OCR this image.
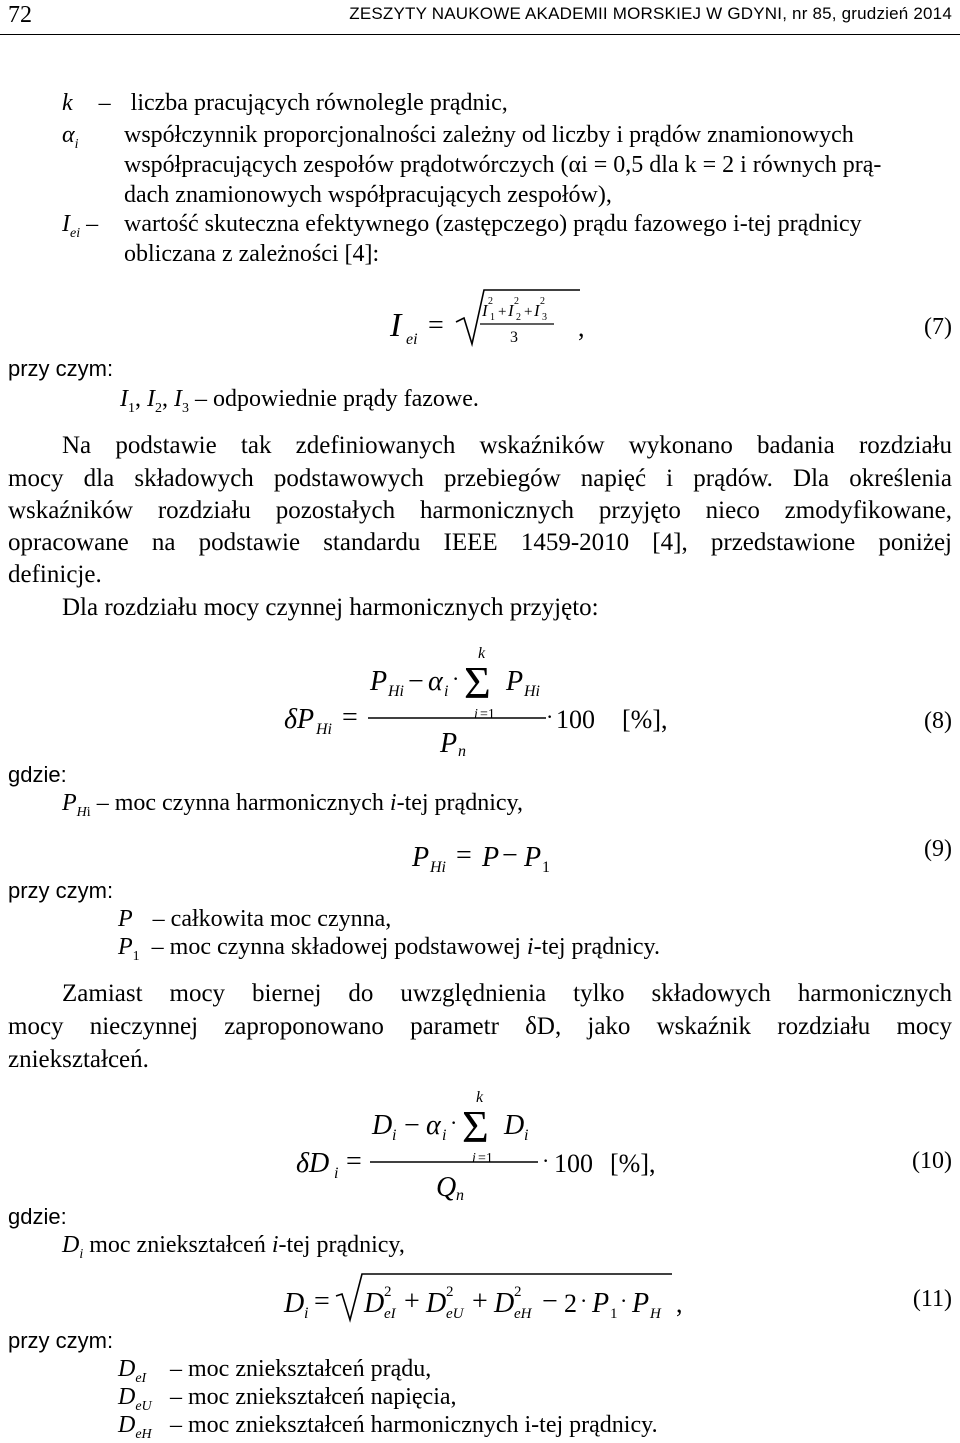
72	ZESZYTY NAUKOWE AKADEMII MORSKIEJ W GDYNI, nr 85, grudzień 2014
k – liczba pracujących równolegle prądnic,
$\alpha_i$ współczynnik proporcjonalności zależny od liczby i prądów znamionowych
współpracujących zespołów prądotwórczych (αi = 0,5 dla k = 2 i równych prą-
dach znamionowych współpracujących zespołów),
$I_{ei}$ – wartość skuteczna efektywnego (zastępczego) prądu fazowego i-tej prądnicy
obliczana z zależności [4]:
I ei = I 1
2
+ I 2
2
+ I 3
2
3 ,	(7)
przy czym:
$I_1$, $I_2$, $I_3$ – odpowiednie prądy fazowe.
Na podstawie tak zdefiniowanych wskaźników wykonano badania rozdziału
mocy dla składowych podstawowych przebiegów napięć i prądów. Dla określenia
wskaźników rozdziału pozostałych harmonicznych przyjęto nieco zmodyfikowane,
opracowane na podstawie standardu IEEE 1459-2010 [4], przedstawione poniżej
definicje.
Dla rozdziału mocy czynnej harmonicznych przyjęto:
δP Hi =
P Hi − α i
·
k
Σ
i =1
P Hi
P n
· 100 [%],	(8)
gdzie:
$P_{Hi}$ – moc czynna harmonicznych i-tej prądnicy,
P Hi = P − P 1
(9)
przy czym:
P – całkowita moc czynna,
$P_1$ – moc czynna składowej podstawowej i-tej prądnicy.
Zamiast mocy biernej do uwzględnienia tylko składowych harmonicznych
mocy nieczynnej zaproponowano parametr δD, jako wskaźnik rozdziału mocy
zniekształceń.
δD i =
D i − α i
·
k
Σ
i =1
D i
Q n
· 100 [%],	(10)
gdzie:
$D_i$ moc zniekształceń i-tej prądnicy,
D i = D 2
eI + D 2
eU + D 2
eH − 2 · P 1
· P H ,	(11)
przy czym:
$D_{eI}$ – moc zniekształceń prądu,
$D_{eU}$ – moc zniekształceń napięcia,
$D_{eH}$ – moc zniekształceń harmonicznych i-tej prądnicy.
